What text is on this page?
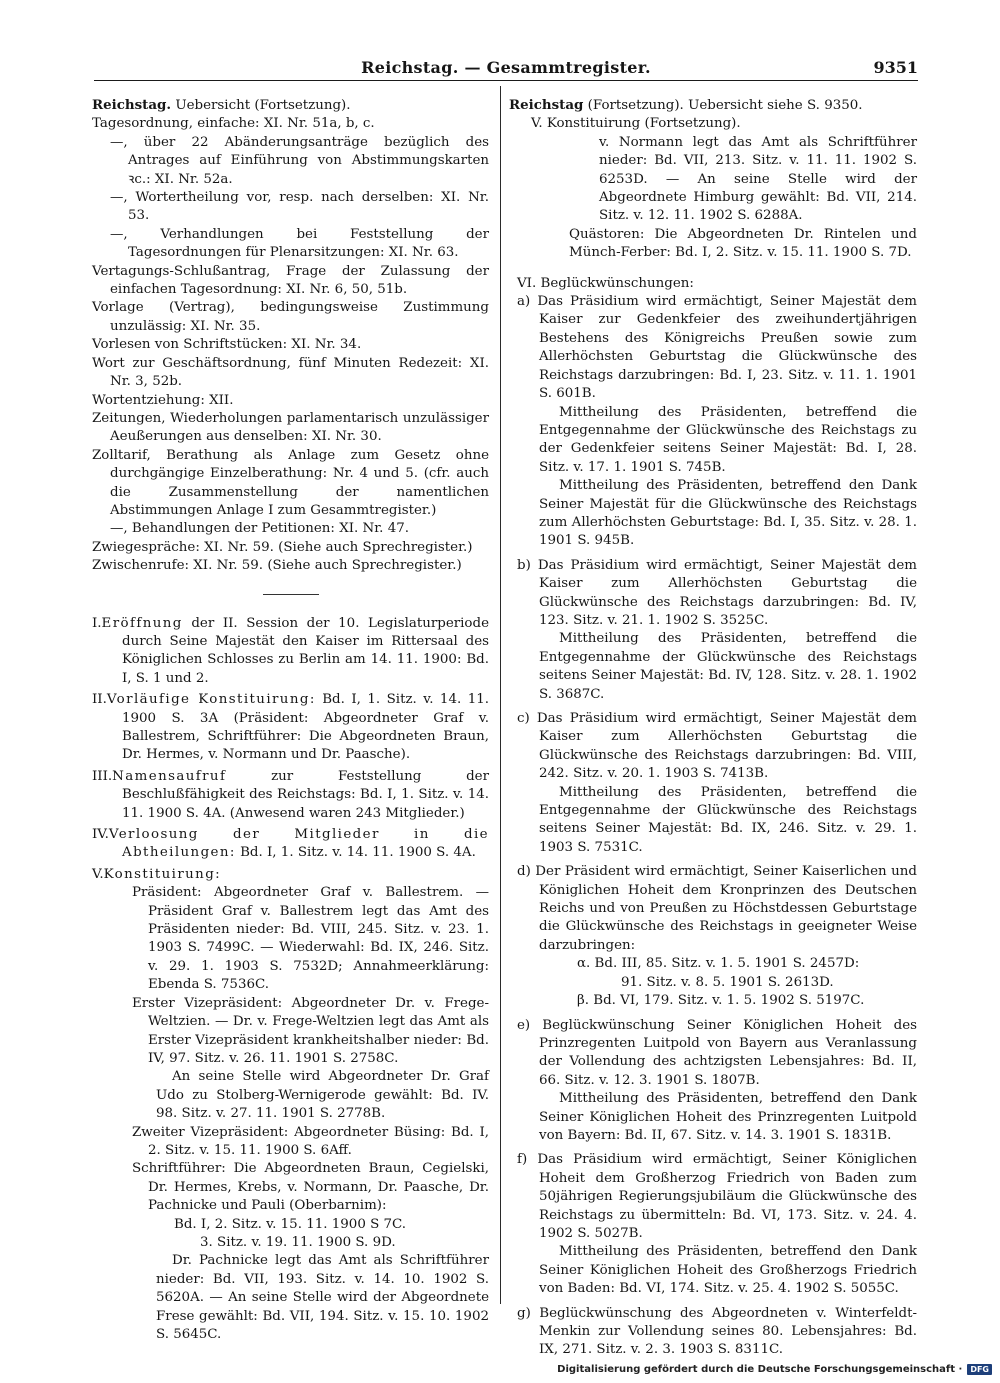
Reichstag. — Gesammtregister.	9351

Reichstag. Uebersicht (Fortsetzung).

Tagesordnung, einfache: XI. Nr. 51a, b, c.

—, über 22 Abänderungsanträge bezüglich des Antrages auf Einführung von Abstimmungskarten ꝛc.: XI. Nr. 52a.

—, Wortertheilung vor, resp. nach derselben: XI. Nr. 53.

—, Verhandlungen bei Feststellung der Tagesordnungen für Plenarsitzungen: XI. Nr. 63.

Vertagungs-Schlußantrag, Frage der Zulassung der einfachen Tagesordnung: XI. Nr. 6, 50, 51b.

Vorlage (Vertrag), bedingungsweise Zustimmung unzulässig: XI. Nr. 35.

Vorlesen von Schriftstücken: XI. Nr. 34.

Wort zur Geschäftsordnung, fünf Minuten Redezeit: XI. Nr. 3, 52b.

Wortentziehung: XII.

Zeitungen, Wiederholungen parlamentarisch unzulässiger Aeußerungen aus denselben: XI. Nr. 30.

Zolltarif, Berathung als Anlage zum Gesetz ohne durchgängige Einzelberathung: Nr. 4 und 5. (cfr. auch die Zusammenstellung der namentlichen Abstimmungen Anlage I zum Gesammtregister.)

—, Behandlungen der Petitionen: XI. Nr. 47.

Zwiegespräche: XI. Nr. 59. (Siehe auch Sprechregister.)

Zwischenrufe: XI. Nr. 59. (Siehe auch Sprechregister.)

I.Eröffnung der II. Session der 10. Legislaturperiode durch Seine Majestät den Kaiser im Rittersaal des Königlichen Schlosses zu Berlin am 14. 11. 1900: Bd. I, S. 1 und 2.

II.Vorläufige Konstituirung: Bd. I, 1. Sitz. v. 14. 11. 1900 S. 3A (Präsident: Abgeordneter Graf v. Ballestrem, Schriftführer: Die Abgeordneten Braun, Dr. Hermes, v. Normann und Dr. Paasche).

III.Namensaufruf zur Feststellung der Beschlußfähigkeit des Reichstags: Bd. I, 1. Sitz. v. 14. 11. 1900 S. 4A. (Anwesend waren 243 Mitglieder.)

IV.Verloosung der Mitglieder in die Abtheilungen: Bd. I, 1. Sitz. v. 14. 11. 1900 S. 4A.

V.Konstituirung:

Präsident: Abgeordneter Graf v. Ballestrem. — Präsident Graf v. Ballestrem legt das Amt des Präsidenten nieder: Bd. VIII, 245. Sitz. v. 23. 1. 1903 S. 7499C. — Wiederwahl: Bd. IX, 246. Sitz. v. 29. 1. 1903 S. 7532D; Annahmeerklärung: Ebenda S. 7536C.

Erster Vizepräsident: Abgeordneter Dr. v. Frege-Weltzien. — Dr. v. Frege-Weltzien legt das Amt als Erster Vizepräsident krankheitshalber nieder: Bd. IV, 97. Sitz. v. 26. 11. 1901 S. 2758C.

An seine Stelle wird Abgeordneter Dr. Graf Udo zu Stolberg-Wernigerode gewählt: Bd. IV. 98. Sitz. v. 27. 11. 1901 S. 2778B.

Zweiter Vizepräsident: Abgeordneter Büsing: Bd. I, 2. Sitz. v. 15. 11. 1900 S. 6Aff.

Schriftführer: Die Abgeordneten Braun, Cegielski, Dr. Hermes, Krebs, v. Normann, Dr. Paasche, Dr. Pachnicke und Pauli (Oberbarnim):

Bd. I, 2. Sitz. v. 15. 11. 1900 S 7C.

3. Sitz. v. 19. 11. 1900 S. 9D.

Dr. Pachnicke legt das Amt als Schriftführer nieder: Bd. VII, 193. Sitz. v. 14. 10. 1902 S. 5620A. — An seine Stelle wird der Abgeordnete Frese gewählt: Bd. VII, 194. Sitz. v. 15. 10. 1902 S. 5645C.

Reichstag (Fortsetzung). Uebersicht siehe S. 9350.

V. Konstituirung (Fortsetzung).

v. Normann legt das Amt als Schriftführer nieder: Bd. VII, 213. Sitz. v. 11. 11. 1902 S. 6253D. — An seine Stelle wird der Abgeordnete Himburg gewählt: Bd. VII, 214. Sitz. v. 12. 11. 1902 S. 6288A.

Quästoren: Die Abgeordneten Dr. Rintelen und Münch-Ferber: Bd. I, 2. Sitz. v. 15. 11. 1900 S. 7D.

VI. Beglückwünschungen:

a) Das Präsidium wird ermächtigt, Seiner Majestät dem Kaiser zur Gedenkfeier des zweihundertjährigen Bestehens des Königreichs Preußen sowie zum Allerhöchsten Geburtstag die Glückwünsche des Reichstags darzubringen: Bd. I, 23. Sitz. v. 11. 1. 1901 S. 601B.

Mittheilung des Präsidenten, betreffend die Entgegennahme der Glückwünsche des Reichstags zu der Gedenkfeier seitens Seiner Majestät: Bd. I, 28. Sitz. v. 17. 1. 1901 S. 745B.

Mittheilung des Präsidenten, betreffend den Dank Seiner Majestät für die Glückwünsche des Reichstags zum Allerhöchsten Geburtstage: Bd. I, 35. Sitz. v. 28. 1. 1901 S. 945B.

b) Das Präsidium wird ermächtigt, Seiner Majestät dem Kaiser zum Allerhöchsten Geburtstag die Glückwünsche des Reichstags darzubringen: Bd. IV, 123. Sitz. v. 21. 1. 1902 S. 3525C.

Mittheilung des Präsidenten, betreffend die Entgegennahme der Glückwünsche des Reichstags seitens Seiner Majestät: Bd. IV, 128. Sitz. v. 28. 1. 1902 S. 3687C.

c) Das Präsidium wird ermächtigt, Seiner Majestät dem Kaiser zum Allerhöchsten Geburtstag die Glückwünsche des Reichstags darzubringen: Bd. VIII, 242. Sitz. v. 20. 1. 1903 S. 7413B.

Mittheilung des Präsidenten, betreffend die Entgegennahme der Glückwünsche des Reichstags seitens Seiner Majestät: Bd. IX, 246. Sitz. v. 29. 1. 1903 S. 7531C.

d) Der Präsident wird ermächtigt, Seiner Kaiserlichen und Königlichen Hoheit dem Kronprinzen des Deutschen Reichs und von Preußen zu Höchstdessen Geburtstage die Glückwünsche des Reichstags in geeigneter Weise darzubringen:

α. Bd. III, 85. Sitz. v. 1. 5. 1901 S. 2457D:

91. Sitz. v. 8. 5. 1901 S. 2613D.

β. Bd. VI, 179. Sitz. v. 1. 5. 1902 S. 5197C.

e) Beglückwünschung Seiner Königlichen Hoheit des Prinzregenten Luitpold von Bayern aus Veranlassung der Vollendung des achtzigsten Lebensjahres: Bd. II, 66. Sitz. v. 12. 3. 1901 S. 1807B.

Mittheilung des Präsidenten, betreffend den Dank Seiner Königlichen Hoheit des Prinzregenten Luitpold von Bayern: Bd. II, 67. Sitz. v. 14. 3. 1901 S. 1831B.

f) Das Präsidium wird ermächtigt, Seiner Königlichen Hoheit dem Großherzog Friedrich von Baden zum 50jährigen Regierungsjubiläum die Glückwünsche des Reichstags zu übermitteln: Bd. VI, 173. Sitz. v. 24. 4. 1902 S. 5027B.

Mittheilung des Präsidenten, betreffend den Dank Seiner Königlichen Hoheit des Großherzogs Friedrich von Baden: Bd. VI, 174. Sitz. v. 25. 4. 1902 S. 5055C.

g) Beglückwünschung des Abgeordneten v. Winterfeldt-Menkin zur Vollendung seines 80. Lebensjahres: Bd. IX, 271. Sitz. v. 2. 3. 1903 S. 8311C.

Digitalisierung gefördert durch die Deutsche Forschungsgemeinschaft ·	DFG
